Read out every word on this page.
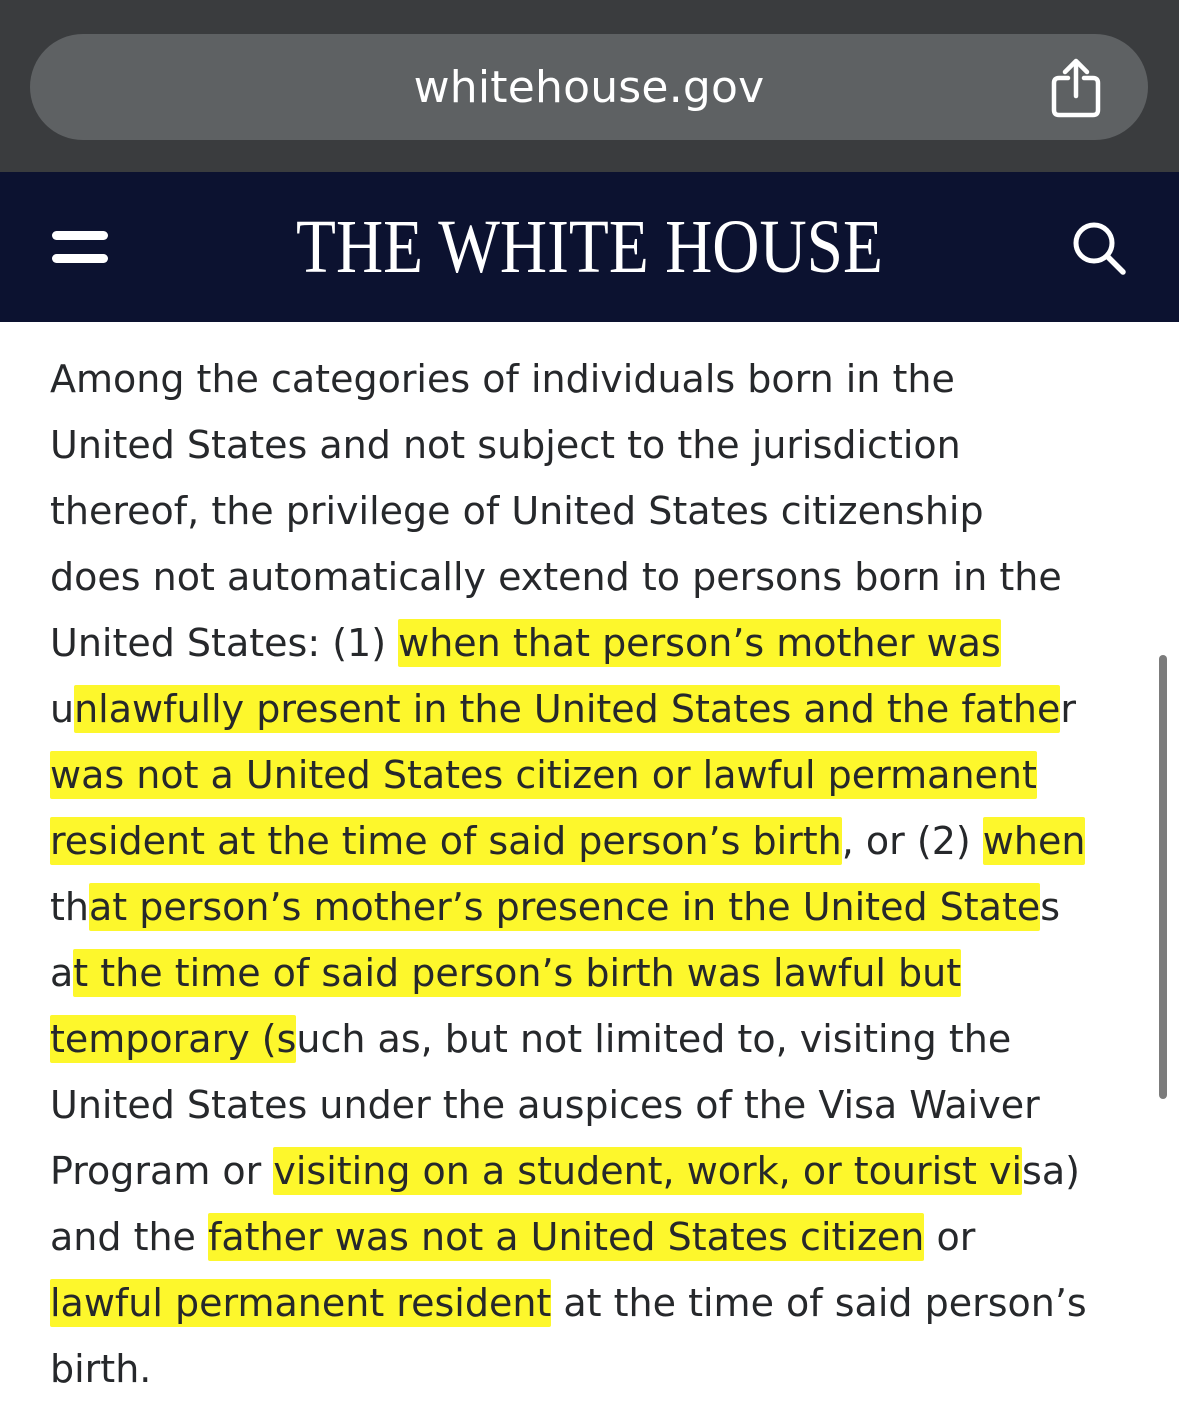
whitehouse.gov
THE WHITE HOUSE
Among the categories of individuals born in the
United States and not subject to the jurisdiction
thereof, the privilege of United States citizenship
does not automatically extend to persons born in the
United States: (1) when that person’s mother was
unlawfully present in the United States and the father
was not a United States citizen or lawful permanent
resident at the time of said person’s birth, or (2) when
that person’s mother’s presence in the United States
at the time of said person’s birth was lawful but
temporary (such as, but not limited to, visiting the
United States under the auspices of the Visa Waiver
Program or visiting on a student, work, or tourist visa)
and the father was not a United States citizen or
lawful permanent resident at the time of said person’s
birth.
